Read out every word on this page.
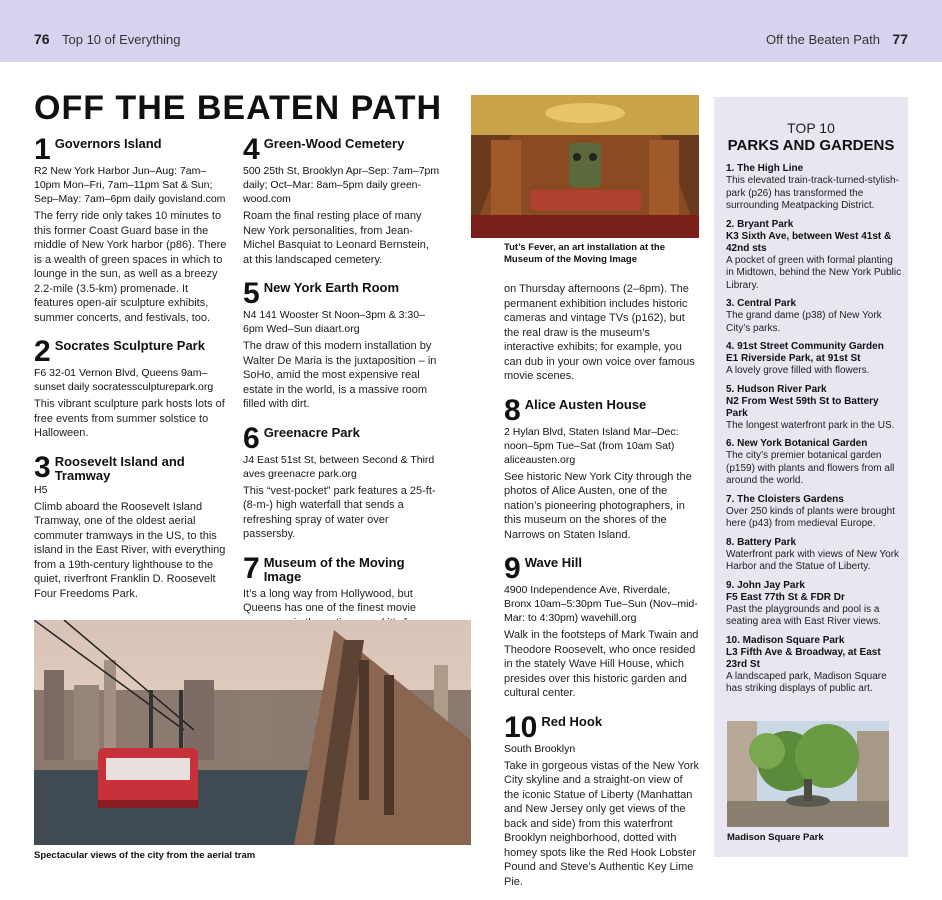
76 Top 10 of Everything	Off the Beaten Path 77
OFF THE BEATEN PATH
1 Governors Island
R2 New York Harbor Jun–Aug: 7am–10pm Mon–Fri, 7am–11pm Sat & Sun; Sep–May: 7am–6pm daily govisland.com
The ferry ride only takes 10 minutes to this former Coast Guard base in the middle of New York harbor (p86). There is a wealth of green spaces in which to lounge in the sun, as well as a breezy 2.2-mile (3.5-km) promenade. It features open-air sculpture exhibits, summer concerts, and festivals, too.
2 Socrates Sculpture Park
F6 32-01 Vernon Blvd, Queens 9am–sunset daily socratessculpturepark.org
This vibrant sculpture park hosts lots of free events from summer solstice to Halloween.
3 Roosevelt Island and Tramway
H5
Climb aboard the Roosevelt Island Tramway, one of the oldest aerial commuter tramways in the US, to this island in the East River, with everything from a 19th-century lighthouse to the quiet, riverfront Franklin D. Roosevelt Four Freedoms Park.
4 Green-Wood Cemetery
500 25th St, Brooklyn Apr–Sep: 7am–7pm daily; Oct–Mar: 8am–5pm daily green-wood.com
Roam the final resting place of many New York personalities, from Jean-Michel Basquiat to Leonard Bernstein, at this landscaped cemetery.
5 New York Earth Room
N4 141 Wooster St Noon–3pm & 3:30–6pm Wed–Sun diaart.org
The draw of this modern installation by Walter De Maria is the juxtaposition – in SoHo, amid the most expensive real estate in the world, is a massive room filled with dirt.
6 Greenacre Park
J4 East 51st St, between Second & Third aves greenacre park.org
This “vest-pocket” park features a 25-ft- (8-m-) high waterfall that sends a refreshing spray of water over passersby.
7 Museum of the Moving Image
It’s a long way from Hollywood, but Queens has one of the finest movie
on Thursday afternoons (2–6pm). The permanent exhibition includes historic cameras and vintage TVs (p162), but the real draw is the museum’s interactive exhibits; for example, you can dub in your own voice over famous movie scenes.
8 Alice Austen House
2 Hylan Blvd, Staten Island Mar–Dec: noon–5pm Tue–Sat (from 10am Sat) aliceausten.org
See historic New York City through the photos of Alice Austen, one of the nation’s pioneering photographers, in this museum on the shores of the Narrows on Staten Island.
9 Wave Hill
4900 Independence Ave, Riverdale, Bronx 10am–5:30pm Tue–Sun (Nov–mid-Mar: to 4:30pm) wavehill.org
Walk in the footsteps of Mark Twain and Theodore Roosevelt, who once resided in the stately Wave Hill House, which presides over this historic garden and cultural center.
10 Red Hook
South Brooklyn
Take in gorgeous vistas of the New York City skyline and a straight-on view of the iconic Statue of Liberty (Manhattan and New Jersey only get views of the back and side) from this waterfront Brooklyn neighborhood, dotted with homey spots like the Red Hook Lobster Pound and Steve’s Authentic Key Lime Pie.
Tut’s Fever, an art installation at the Museum of the Moving Image
Spectacular views of the city from the aerial tram
TOP 10
PARKS AND GARDENS
1. The High Line
This elevated train-track-turned-stylish-park (p26) has transformed the surrounding Meatpacking District.
2. Bryant Park
K3 Sixth Ave, between West 41st & 42nd sts
A pocket of green with formal planting in Midtown, behind the New York Public Library.
3. Central Park
The grand dame (p38) of New York City’s parks.
4. 91st Street Community Garden
E1 Riverside Park, at 91st St
A lovely grove filled with flowers.
5. Hudson River Park
N2 From West 59th St to Battery Park
The longest waterfront park in the US.
6. New York Botanical Garden
The city’s premier botanical garden (p159) with plants and flowers from all around the world.
7. The Cloisters Gardens
Over 250 kinds of plants were brought here (p43) from medieval Europe.
8. Battery Park
Waterfront park with views of New York Harbor and the Statue of Liberty.
9. John Jay Park
F5 East 77th St & FDR Dr
Past the playgrounds and pool is a seating area with East River views.
10. Madison Square Park
L3 Fifth Ave & Broadway, at East 23rd St
A landscaped park, Madison Square has striking displays of public art.
Madison Square Park
